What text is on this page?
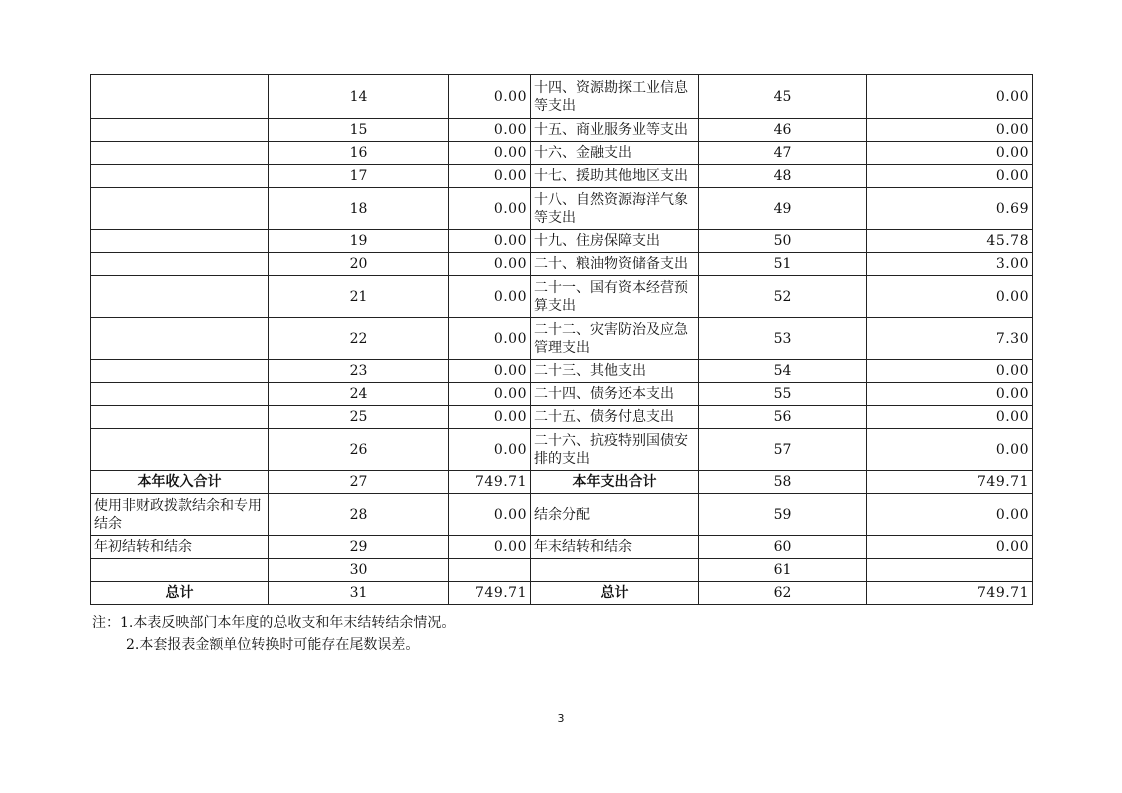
	14	0.00	十四、资源勘探工业信息等支出	45	0.00
	15	0.00	十五、商业服务业等支出	46	0.00
	16	0.00	十六、金融支出	47	0.00
	17	0.00	十七、援助其他地区支出	48	0.00
	18	0.00	十八、自然资源海洋气象等支出	49	0.69
	19	0.00	十九、住房保障支出	50	45.78
	20	0.00	二十、粮油物资储备支出	51	3.00
	21	0.00	二十一、国有资本经营预算支出	52	0.00
	22	0.00	二十二、灾害防治及应急管理支出	53	7.30
	23	0.00	二十三、其他支出	54	0.00
	24	0.00	二十四、债务还本支出	55	0.00
	25	0.00	二十五、债务付息支出	56	0.00
	26	0.00	二十六、抗疫特别国债安排的支出	57	0.00
本年收入合计	27	749.71	本年支出合计	58	749.71
使用非财政拨款结余和专用结余	28	0.00	结余分配	59	0.00
年初结转和结余	29	0.00	年末结转和结余	60	0.00
	30			61	
总计	31	749.71	总计	62	749.71
注：1.本表反映部门本年度的总收支和年末结转结余情况。
2.本套报表金额单位转换时可能存在尾数误差。
3
